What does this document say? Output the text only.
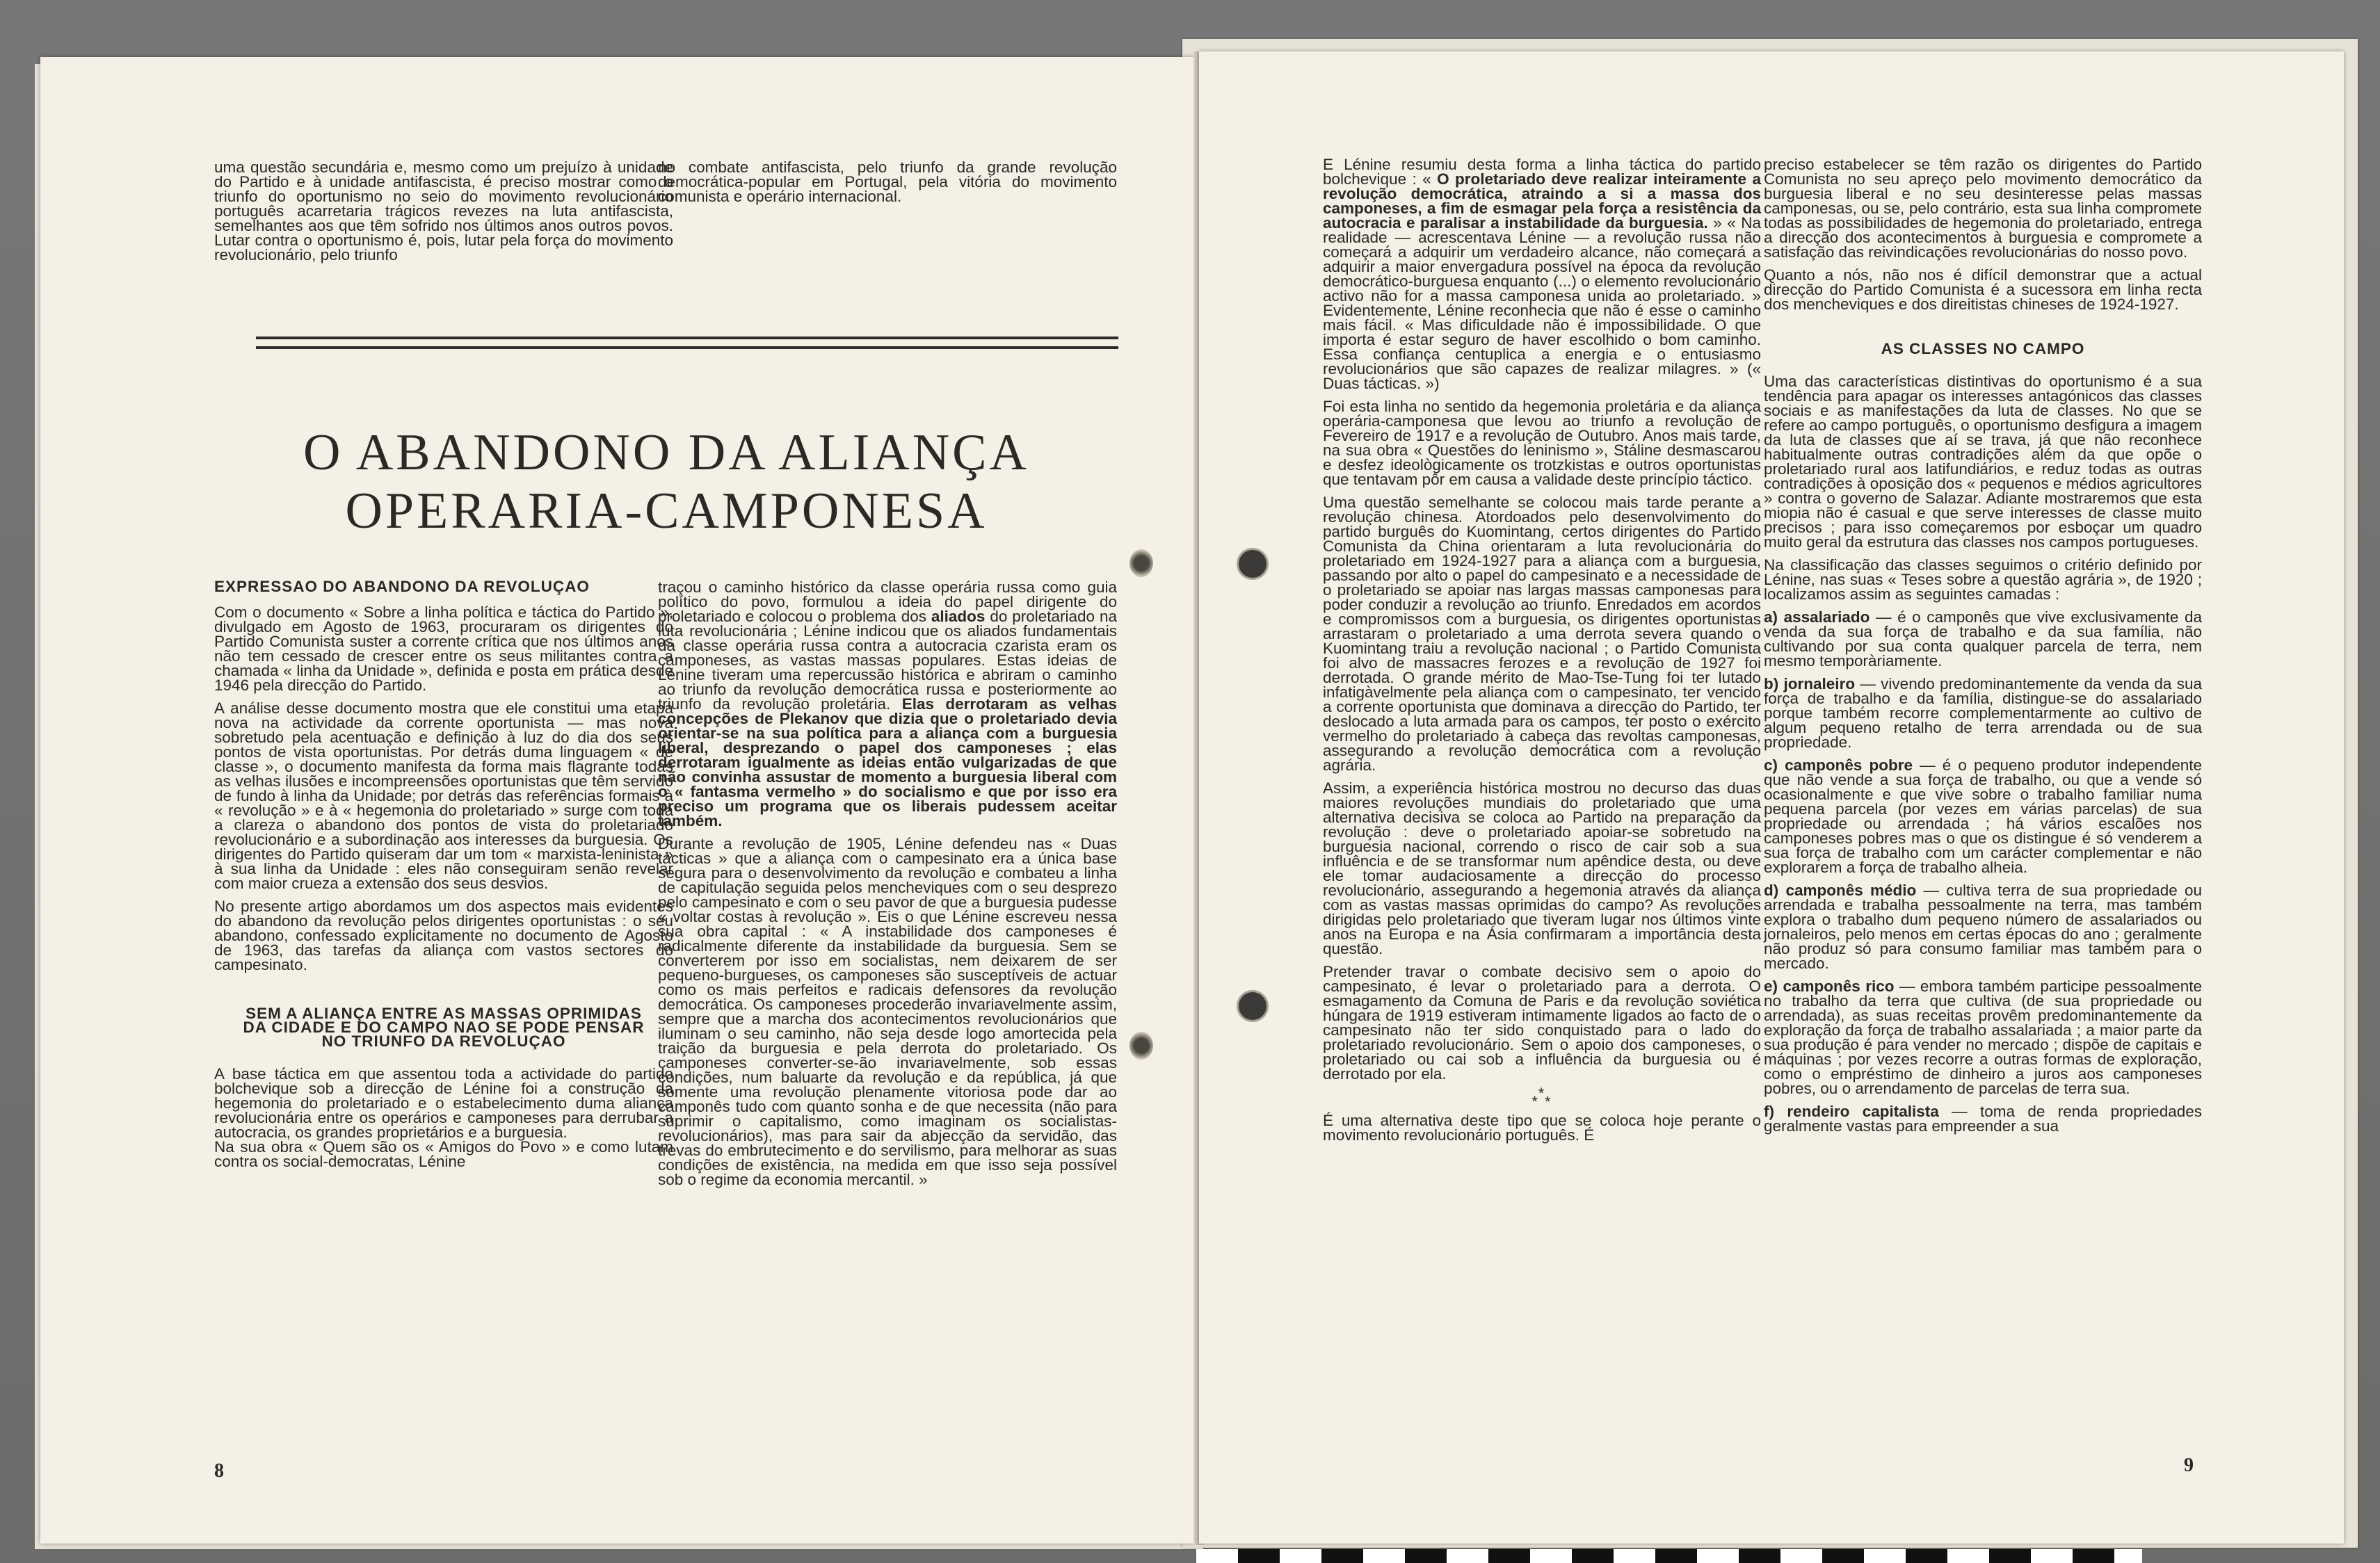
uma questão secundária e, mesmo como um prejuízo à unidade do Partido e à unidade antifascista, é preciso mostrar como o triunfo do oportunismo no seio do movimento revolucionário português acarretaria trágicos revezes na luta antifascista, semelhantes aos que têm sofrido nos últimos anos outros povos. Lutar contra o oportunismo é, pois, lutar pela força do movimento revolucionário, pelo triunfo

no combate antifascista, pelo triunfo da grande revolução democrática-popular em Portugal, pela vitória do movimento comunista e operário internacional.

O ABANDONO DA ALIANÇA
OPERARIA-CAMPONESA
EXPRESSAO DO ABANDONO DA REVOLUÇAO

Com o documento « Sobre a linha política e táctica do Partido », divulgado em Agosto de 1963, procuraram os dirigentes do Partido Comunista suster a corrente crítica que nos últimos anos não tem cessado de crescer entre os seus militantes contra a chamada « linha da Unidade », definida e posta em prática desde 1946 pela direcção do Partido.

A análise desse documento mostra que ele constitui uma etapa nova na actividade da corrente oportunista — mas nova sobretudo pela acentuação e definição à luz do dia dos seus pontos de vista oportunistas. Por detrás duma linguagem « de classe », o documento manifesta da forma mais flagrante todas as velhas ilusões e incompreensões oportunistas que têm servido de fundo à linha da Unidade; por detrás das referências formais à « revolução » e à « hegemonia do proletariado » surge com toda a clareza o abandono dos pontos de vista do proletariado revolucionário e a subordinação aos interesses da burguesia. Os dirigentes do Partido quiseram dar um tom « marxista-leninista » à sua linha da Unidade : eles não conseguiram senão revelar com maior crueza a extensão dos seus desvios.

No presente artigo abordamos um dos aspectos mais evidentes do abandono da revolução pelos dirigentes oportunistas : o seu abandono, confessado explicitamente no documento de Agosto de 1963, das tarefas da aliança com vastos sectores do campesinato.

SEM A ALIANÇA ENTRE AS MASSAS OPRIMIDAS DA CIDADE E DO CAMPO NAO SE PODE PENSAR NO TRIUNFO DA REVOLUÇAO

A base táctica em que assentou toda a actividade do partido bolchevique sob a direcção de Lénine foi a construção da hegemonia do proletariado e o estabelecimento duma aliança revolucionária entre os operários e camponeses para derrubar a autocracia, os grandes proprietários e a burguesia.

Na sua obra « Quem são os « Amigos do Povo » e como lutam contra os social-democratas, Lénine

traçou o caminho histórico da classe operária russa como guia político do povo, formulou a ideia do papel dirigente do proletariado e colocou o problema dos aliados do proletariado na luta revolucionária ; Lénine indicou que os aliados fundamentais da classe operária russa contra a autocracia czarista eram os camponeses, as vastas massas populares. Estas ideias de Lénine tiveram uma repercussão histórica e abriram o caminho ao triunfo da revolução democrática russa e posteriormente ao triunfo da revolução proletária. Elas derrotaram as velhas concepções de Plekanov que dizia que o proletariado devia orientar-se na sua política para a aliança com a burguesia liberal, desprezando o papel dos camponeses ; elas derrotaram igualmente as ideias então vulgarizadas de que não convinha assustar de momento a burguesia liberal com o « fantasma vermelho » do socialismo e que por isso era preciso um programa que os liberais pudessem aceitar também.

Durante a revolução de 1905, Lénine defendeu nas « Duas tácticas » que a aliança com o campesinato era a única base segura para o desenvolvimento da revolução e combateu a linha de capitulação seguida pelos mencheviques com o seu desprezo pelo campesinato e com o seu pavor de que a burguesia pudesse « voltar costas à revolução ». Eis o que Lénine escreveu nessa sua obra capital : « A instabilidade dos camponeses é radicalmente diferente da instabilidade da burguesia. Sem se converterem por isso em socialistas, nem deixarem de ser pequeno-burgueses, os camponeses são susceptíveis de actuar como os mais perfeitos e radicais defensores da revolução democrática. Os camponeses procederão invariavelmente assim, sempre que a marcha dos acontecimentos revolucionários que iluminam o seu caminho, não seja desde logo amortecida pela traição da burguesia e pela derrota do proletariado. Os camponeses converter-se-ão invariavelmente, sob essas condições, num baluarte da revolução e da república, já que sòmente uma revolução plenamente vitoriosa pode dar ao camponês tudo com quanto sonha e de que necessita (não para suprimir o capitalismo, como imaginam os socialistas-revolucionários), mas para sair da abjecção da servidão, das trevas do embrutecimento e do servilismo, para melhorar as suas condições de existência, na medida em que isso seja possível sob o regime da economia mercantil. »

8

E Lénine resumiu desta forma a linha táctica do partido bolchevique : « O proletariado deve realizar inteiramente a revolução democrática, atraindo a si a massa dos camponeses, a fim de esmagar pela força a resistência da autocracia e paralisar a instabilidade da burguesia. » « Na realidade — acrescentava Lénine — a revolução russa não começará a adquirir um verdadeiro alcance, não começará a adquirir a maior envergadura possível na época da revolução democrático-burguesa enquanto (...) o elemento revolucionário activo não for a massa camponesa unida ao proletariado. » Evidentemente, Lénine reconhecia que não é esse o caminho mais fácil. « Mas dificuldade não é impossibilidade. O que importa é estar seguro de haver escolhido o bom caminho. Essa confiança centuplica a energia e o entusiasmo revolucionários que são capazes de realizar milagres. » (« Duas tácticas. »)

Foi esta linha no sentido da hegemonia proletária e da aliança operária-camponesa que levou ao triunfo a revolução de Fevereiro de 1917 e a revolução de Outubro. Anos mais tarde, na sua obra « Questões do leninismo », Stáline desmascarou e desfez ideològicamente os trotzkistas e outros oportunistas que tentavam pôr em causa a validade deste princípio táctico.

Uma questão semelhante se colocou mais tarde perante a revolução chinesa. Atordoados pelo desenvolvimento do partido burguês do Kuomintang, certos dirigentes do Partido Comunista da China orientaram a luta revolucionária do proletariado em 1924-1927 para a aliança com a burguesia, passando por alto o papel do campesinato e a necessidade de o proletariado se apoiar nas largas massas camponesas para poder conduzir a revolução ao triunfo. Enredados em acordos e compromissos com a burguesia, os dirigentes oportunistas arrastaram o proletariado a uma derrota severa quando o Kuomintang traiu a revolução nacional ; o Partido Comunista foi alvo de massacres ferozes e a revolução de 1927 foi derrotada. O grande mérito de Mao-Tse-Tung foi ter lutado infatigàvelmente pela aliança com o campesinato, ter vencido a corrente oportunista que dominava a direcção do Partido, ter deslocado a luta armada para os campos, ter posto o exército vermelho do proletariado à cabeça das revoltas camponesas, assegurando a revolução democrática com a revolução agrária.

Assim, a experiência histórica mostrou no decurso das duas maiores revoluções mundiais do proletariado que uma alternativa decisiva se coloca ao Partido na preparação da revolução : deve o proletariado apoiar-se sobretudo na burguesia nacional, correndo o risco de cair sob a sua influência e de se transformar num apêndice desta, ou deve ele tomar audaciosamente a direcção do processo revolucionário, assegurando a hegemonia através da aliança com as vastas massas oprimidas do campo? As revoluções dirigidas pelo proletariado que tiveram lugar nos últimos vinte anos na Europa e na Ásia confirmaram a importância desta questão.

Pretender travar o combate decisivo sem o apoio do campesinato, é levar o proletariado para a derrota. O esmagamento da Comuna de Paris e da revolução soviética húngara de 1919 estiveram intimamente ligados ao facto de o campesinato não ter sido conquistado para o lado do proletariado revolucionário. Sem o apoio dos camponeses, o proletariado ou cai sob a influência da burguesia ou é derrotado por ela.

*
* *

É uma alternativa deste tipo que se coloca hoje perante o movimento revolucionário português. É

preciso estabelecer se têm razão os dirigentes do Partido Comunista no seu apreço pelo movimento democrático da burguesia liberal e no seu desinteresse pelas massas camponesas, ou se, pelo contrário, esta sua linha compromete todas as possibilidades de hegemonia do proletariado, entrega a direcção dos acontecimentos à burguesia e compromete a satisfação das reivindicações revolucionárias do nosso povo.

Quanto a nós, não nos é difícil demonstrar que a actual direcção do Partido Comunista é a sucessora em linha recta dos mencheviques e dos direitistas chineses de 1924-1927.

AS CLASSES NO CAMPO

Uma das características distintivas do oportunismo é a sua tendência para apagar os interesses antagónicos das classes sociais e as manifestações da luta de classes. No que se refere ao campo português, o oportunismo desfigura a imagem da luta de classes que aí se trava, já que não reconhece habitualmente outras contradições além da que opõe o proletariado rural aos latifundiários, e reduz todas as outras contradições à oposição dos « pequenos e médios agricultores » contra o governo de Salazar. Adiante mostraremos que esta miopia não é casual e que serve interesses de classe muito precisos ; para isso começaremos por esboçar um quadro muito geral da estrutura das classes nos campos portugueses.

Na classificação das classes seguimos o critério definido por Lénine, nas suas « Teses sobre a questão agrária », de 1920 ; localizamos assim as seguintes camadas :

a) assalariado — é o camponês que vive exclusivamente da venda da sua força de trabalho e da sua família, não cultivando por sua conta qualquer parcela de terra, nem mesmo temporàriamente.

b) jornaleiro — vivendo predominantemente da venda da sua força de trabalho e da família, distingue-se do assalariado porque também recorre complementarmente ao cultivo de algum pequeno retalho de terra arrendada ou de sua propriedade.

c) camponês pobre — é o pequeno produtor independente que não vende a sua força de trabalho, ou que a vende só ocasionalmente e que vive sobre o trabalho familiar numa pequena parcela (por vezes em várias parcelas) de sua propriedade ou arrendada ; há vários escalões nos camponeses pobres mas o que os distingue é só venderem a sua força de trabalho com um carácter complementar e não explorarem a força de trabalho alheia.

d) camponês médio — cultiva terra de sua propriedade ou arrendada e trabalha pessoalmente na terra, mas também explora o trabalho dum pequeno número de assalariados ou jornaleiros, pelo menos em certas épocas do ano ; geralmente não produz só para consumo familiar mas também para o mercado.

e) camponês rico — embora também participe pessoalmente no trabalho da terra que cultiva (de sua propriedade ou arrendada), as suas receitas provêm predominantemente da exploração da força de trabalho assalariada ; a maior parte da sua produção é para vender no mercado ; dispõe de capitais e máquinas ; por vezes recorre a outras formas de exploração, como o empréstimo de dinheiro a juros aos camponeses pobres, ou o arrendamento de parcelas de terra sua.

f) rendeiro capitalista — toma de renda propriedades geralmente vastas para empreender a sua

9
